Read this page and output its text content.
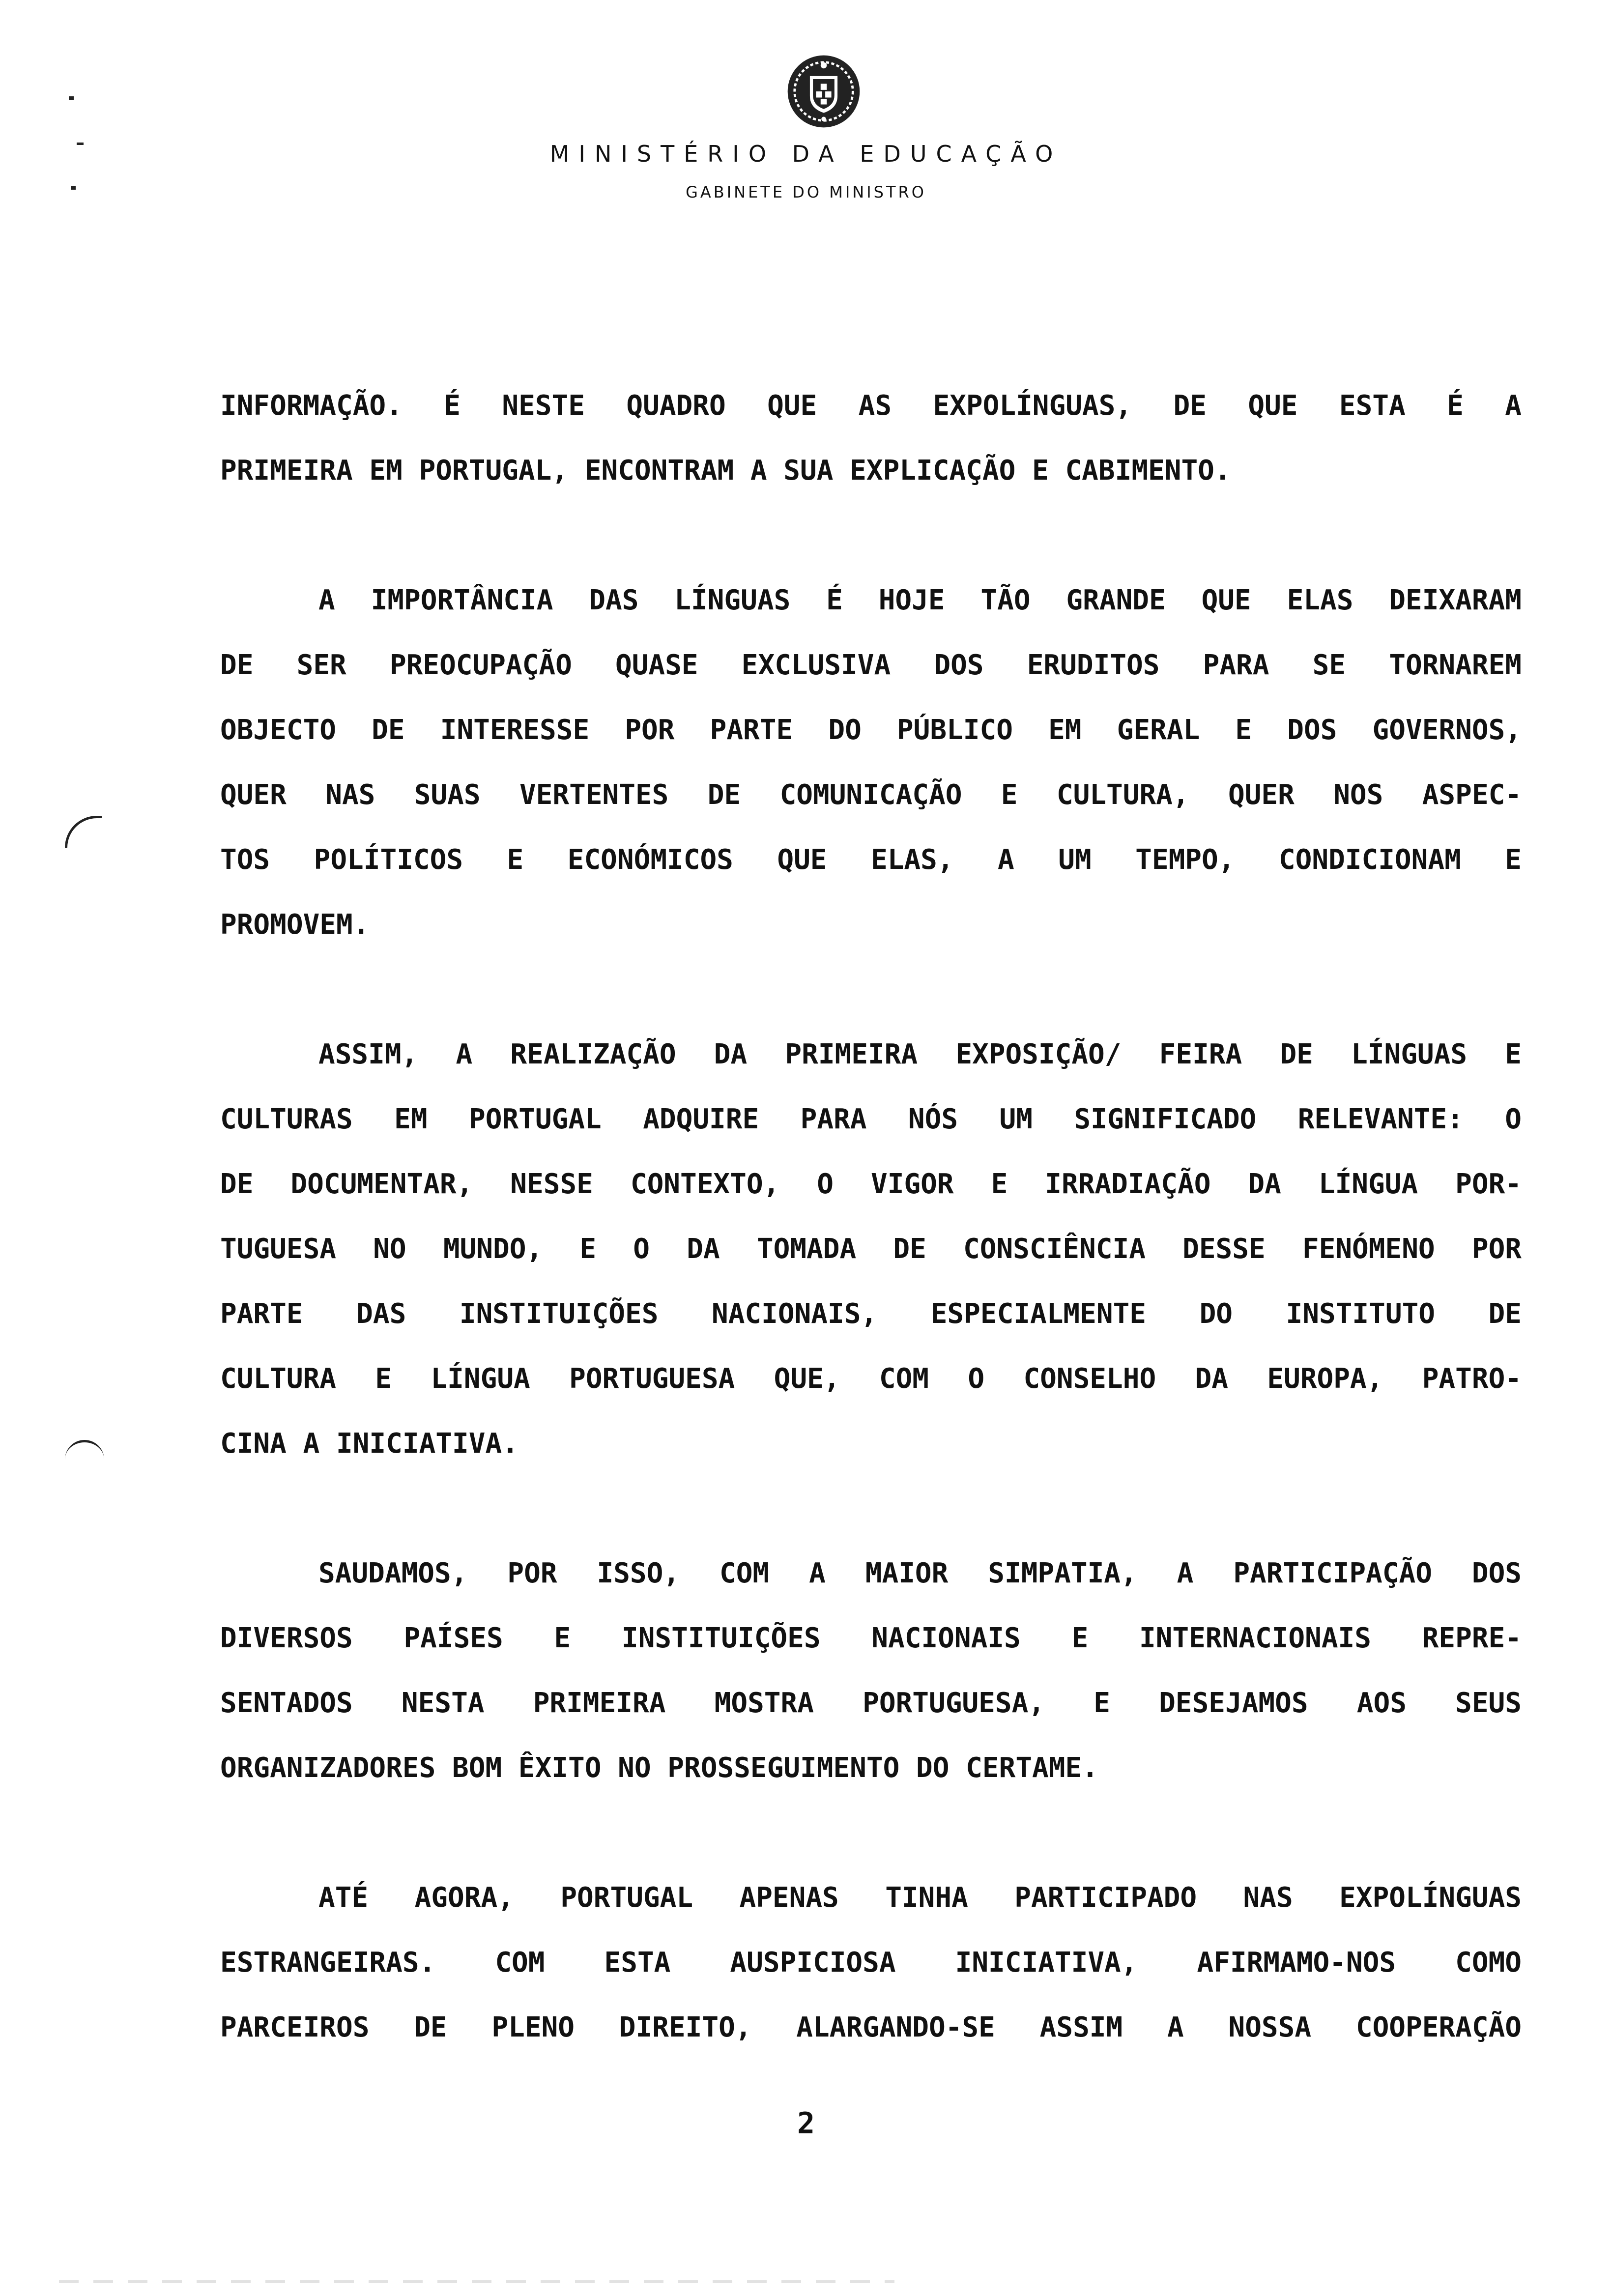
MINISTÉRIO DA EDUCAÇÃO
GABINETE DO MINISTRO
INFORMAÇÃO. É NESTE QUADRO QUE AS EXPOLÍNGUAS, DE QUE ESTA É A
PRIMEIRA EM PORTUGAL, ENCONTRAM A SUA EXPLICAÇÃO E CABIMENTO.
A IMPORTÂNCIA DAS LÍNGUAS É HOJE TÃO GRANDE QUE ELAS DEIXARAM
DE SER PREOCUPAÇÃO QUASE EXCLUSIVA DOS ERUDITOS PARA SE TORNAREM
OBJECTO DE INTERESSE POR PARTE DO PÚBLICO EM GERAL E DOS GOVERNOS,
QUER NAS SUAS VERTENTES DE COMUNICAÇÃO E CULTURA, QUER NOS ASPEC-
TOS POLÍTICOS E ECONÓMICOS QUE ELAS, A UM TEMPO, CONDICIONAM E
PROMOVEM.
ASSIM, A REALIZAÇÃO DA PRIMEIRA EXPOSIÇÃO/ FEIRA DE LÍNGUAS E
CULTURAS EM PORTUGAL ADQUIRE PARA NÓS UM SIGNIFICADO RELEVANTE: O
DE DOCUMENTAR, NESSE CONTEXTO, O VIGOR E IRRADIAÇÃO DA LÍNGUA POR-
TUGUESA NO MUNDO, E O DA TOMADA DE CONSCIÊNCIA DESSE FENÓMENO POR
PARTE DAS INSTITUIÇÕES NACIONAIS, ESPECIALMENTE DO INSTITUTO DE
CULTURA E LÍNGUA PORTUGUESA QUE, COM O CONSELHO DA EUROPA, PATRO-
CINA A INICIATIVA.
SAUDAMOS, POR ISSO, COM A MAIOR SIMPATIA, A PARTICIPAÇÃO DOS
DIVERSOS PAÍSES E INSTITUIÇÕES NACIONAIS E INTERNACIONAIS REPRE-
SENTADOS NESTA PRIMEIRA MOSTRA PORTUGUESA, E DESEJAMOS AOS SEUS
ORGANIZADORES BOM ÊXITO NO PROSSEGUIMENTO DO CERTAME.
ATÉ AGORA, PORTUGAL APENAS TINHA PARTICIPADO NAS EXPOLÍNGUAS
ESTRANGEIRAS. COM ESTA AUSPICIOSA INICIATIVA, AFIRMAMO-NOS COMO
PARCEIROS DE PLENO DIREITO, ALARGANDO-SE ASSIM A NOSSA COOPERAÇÃO
2
